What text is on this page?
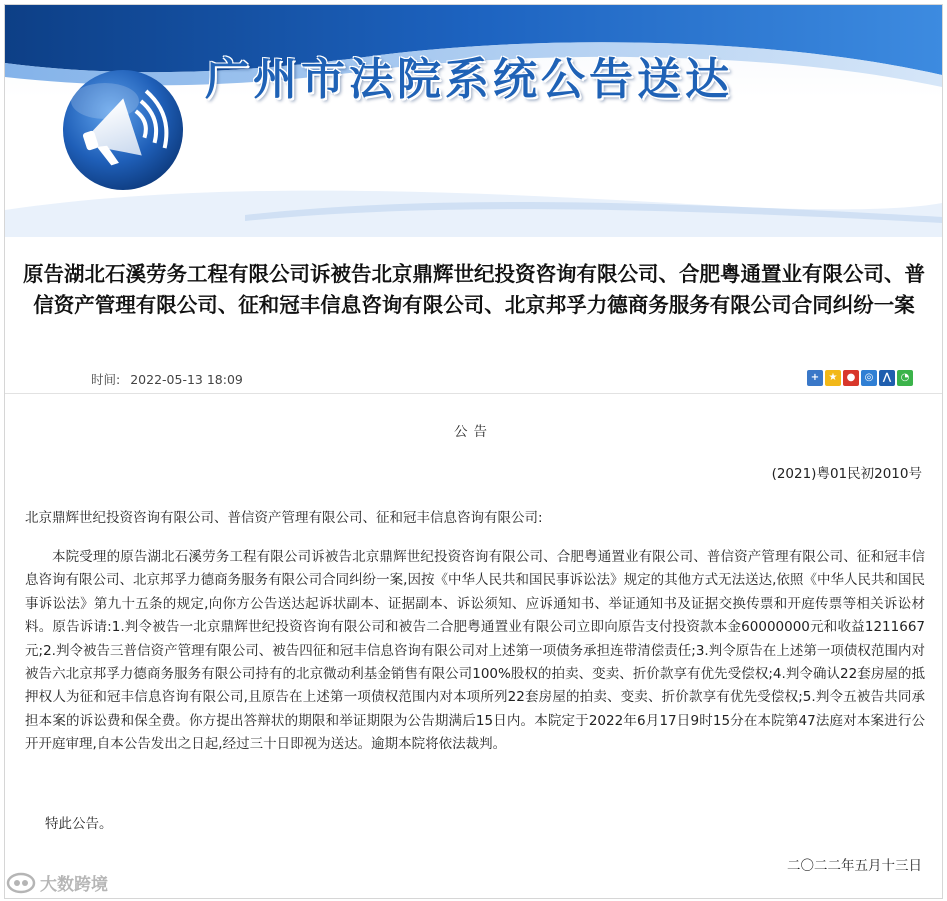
广州市法院系统公告送达
原告湖北石溪劳务工程有限公司诉被告北京鼎辉世纪投资咨询有限公司、合肥粤通置业有限公司、普信资产管理有限公司、征和冠丰信息咨询有限公司、北京邦孚力德商务服务有限公司合同纠纷一案
时间: 2022-05-13 18:09	+ ★ ● ◎ ⋀ ◔
公告
(2021)粤01民初2010号
北京鼎辉世纪投资咨询有限公司、普信资产管理有限公司、征和冠丰信息咨询有限公司:
本院受理的原告湖北石溪劳务工程有限公司诉被告北京鼎辉世纪投资咨询有限公司、合肥粤通置业有限公司、普信资产管理有限公司、征和冠丰信息咨询有限公司、北京邦孚力德商务服务有限公司合同纠纷一案,因按《中华人民共和国民事诉讼法》规定的其他方式无法送达,依照《中华人民共和国民事诉讼法》第九十五条的规定,向你方公告送达起诉状副本、证据副本、诉讼须知、应诉通知书、举证通知书及证据交换传票和开庭传票等相关诉讼材料。原告诉请:1.判令被告一北京鼎辉世纪投资咨询有限公司和被告二合肥粤通置业有限公司立即向原告支付投资款本金60000000元和收益1211667元;2.判令被告三普信资产管理有限公司、被告四征和冠丰信息咨询有限公司对上述第一项债务承担连带清偿责任;3.判令原告在上述第一项债权范围内对被告六北京邦孚力德商务服务有限公司持有的北京微动利基金销售有限公司100%股权的拍卖、变卖、折价款享有优先受偿权;4.判令确认22套房屋的抵押权人为征和冠丰信息咨询有限公司,且原告在上述第一项债权范围内对本项所列22套房屋的拍卖、变卖、折价款享有优先受偿权;5.判令五被告共同承担本案的诉讼费和保全费。你方提出答辩状的期限和举证期限为公告期满后15日内。本院定于2022年6月17日9时15分在本院第47法庭对本案进行公开开庭审理,自本公告发出之日起,经过三十日即视为送达。逾期本院将依法裁判。
特此公告。
二〇二二年五月十三日
大数跨境
